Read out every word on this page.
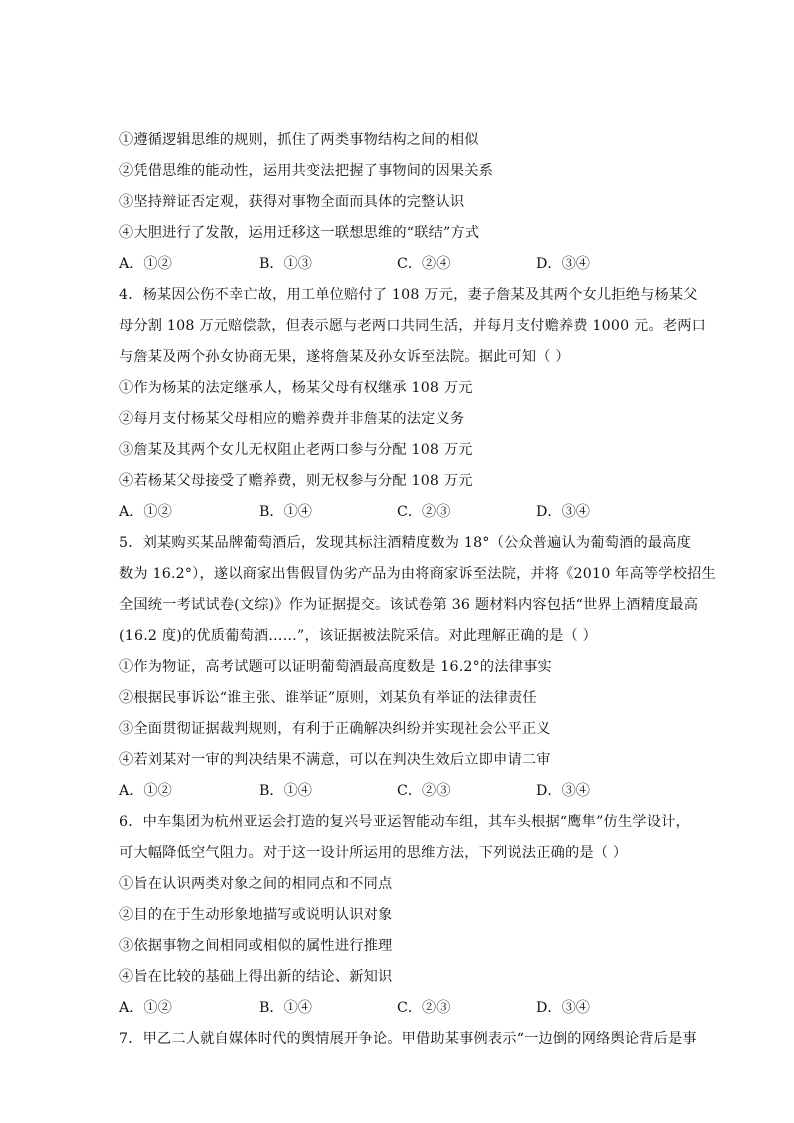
①遵循逻辑思维的规则，抓住了两类事物结构之间的相似
②凭借思维的能动性，运用共变法把握了事物间的因果关系
③坚持辩证否定观，获得对事物全面而具体的完整认识
④大胆进行了发散，运用迁移这一联想思维的“联结”方式
A．①②	B．①③	C．②④	D．③④
4．杨某因公伤不幸亡故，用工单位赔付了 108 万元，妻子詹某及其两个女儿拒绝与杨某父
母分割 108 万元赔偿款，但表示愿与老两口共同生活，并每月支付赡养费 1000 元。老两口
与詹某及两个孙女协商无果，遂将詹某及孙女诉至法院。据此可知（ ）
①作为杨某的法定继承人，杨某父母有权继承 108 万元
②每月支付杨某父母相应的赡养费并非詹某的法定义务
③詹某及其两个女儿无权阻止老两口参与分配 108 万元
④若杨某父母接受了赡养费，则无权参与分配 108 万元
A．①②	B．①④	C．②③	D．③④
5．刘某购买某品牌葡萄酒后，发现其标注酒精度数为 18°（公众普遍认为葡萄酒的最高度
数为 16.2°），遂以商家出售假冒伪劣产品为由将商家诉至法院，并将《2010 年高等学校招生
全国统一考试试卷(文综)》作为证据提交。该试卷第 36 题材料内容包括“世界上酒精度最高
(16.2 度)的优质葡萄酒……”，该证据被法院采信。对此理解正确的是（ ）
①作为物证，高考试题可以证明葡萄酒最高度数是 16.2°的法律事实
②根据民事诉讼“谁主张、谁举证”原则，刘某负有举证的法律责任
③全面贯彻证据裁判规则，有利于正确解决纠纷并实现社会公平正义
④若刘某对一审的判决结果不满意，可以在判决生效后立即申请二审
A．①②	B．①④	C．②③	D．③④
6．中车集团为杭州亚运会打造的复兴号亚运智能动车组，其车头根据“鹰隼”仿生学设计，
可大幅降低空气阻力。对于这一设计所运用的思维方法，下列说法正确的是（ ）
①旨在认识两类对象之间的相同点和不同点
②目的在于生动形象地描写或说明认识对象
③依据事物之间相同或相似的属性进行推理
④旨在比较的基础上得出新的结论、新知识
A．①②	B．①④	C．②③	D．③④
7．甲乙二人就自媒体时代的舆情展开争论。甲借助某事例表示“一边倒的网络舆论背后是事
